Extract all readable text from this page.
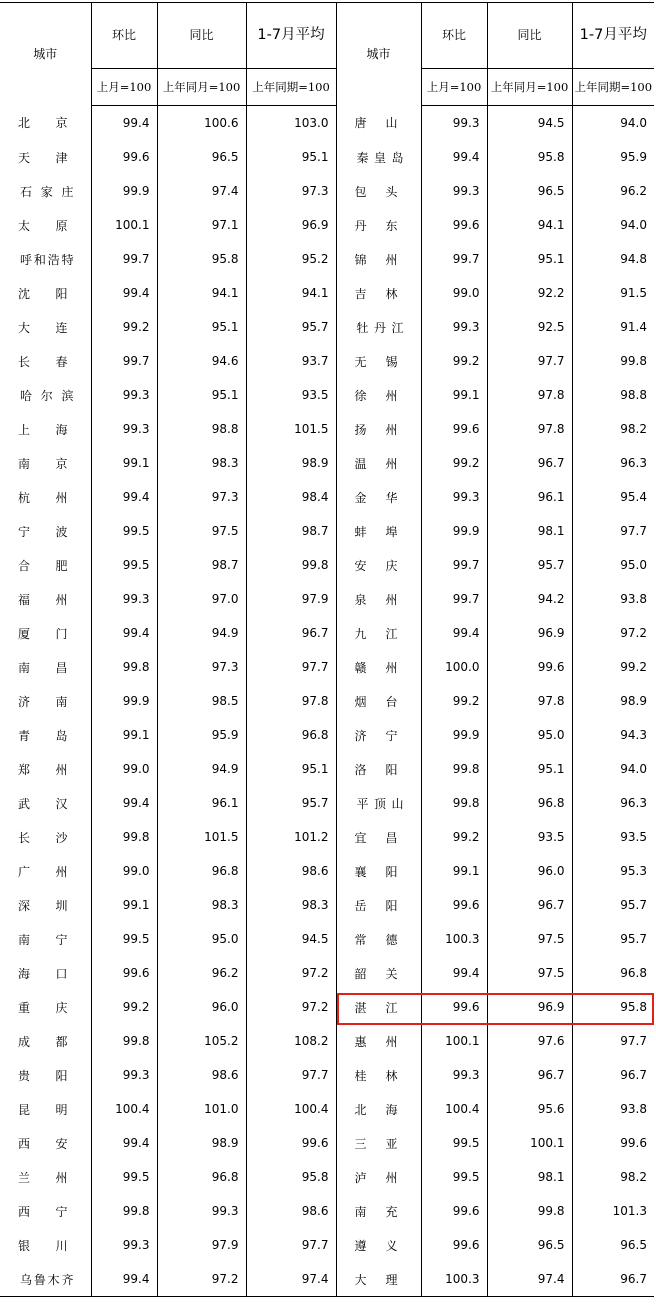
城市	环比	同比	1-7月平均	城市	环比	同比	1-7月平均
	上月=100	上年同月=100	上年同期=100		上月=100	上年同月=100	上年同期=100
北京	99.4	100.6	103.0	唐山	99.3	94.5	94.0
天津	99.6	96.5	95.1	秦皇岛	99.4	95.8	95.9
石家庄	99.9	97.4	97.3	包头	99.3	96.5	96.2
太原	100.1	97.1	96.9	丹东	99.6	94.1	94.0
呼和浩特	99.7	95.8	95.2	锦州	99.7	95.1	94.8
沈阳	99.4	94.1	94.1	吉林	99.0	92.2	91.5
大连	99.2	95.1	95.7	牡丹江	99.3	92.5	91.4
长春	99.7	94.6	93.7	无锡	99.2	97.7	99.8
哈尔滨	99.3	95.1	93.5	徐州	99.1	97.8	98.8
上海	99.3	98.8	101.5	扬州	99.6	97.8	98.2
南京	99.1	98.3	98.9	温州	99.2	96.7	96.3
杭州	99.4	97.3	98.4	金华	99.3	96.1	95.4
宁波	99.5	97.5	98.7	蚌埠	99.9	98.1	97.7
合肥	99.5	98.7	99.8	安庆	99.7	95.7	95.0
福州	99.3	97.0	97.9	泉州	99.7	94.2	93.8
厦门	99.4	94.9	96.7	九江	99.4	96.9	97.2
南昌	99.8	97.3	97.7	赣州	100.0	99.6	99.2
济南	99.9	98.5	97.8	烟台	99.2	97.8	98.9
青岛	99.1	95.9	96.8	济宁	99.9	95.0	94.3
郑州	99.0	94.9	95.1	洛阳	99.8	95.1	94.0
武汉	99.4	96.1	95.7	平顶山	99.8	96.8	96.3
长沙	99.8	101.5	101.2	宜昌	99.2	93.5	93.5
广州	99.0	96.8	98.6	襄阳	99.1	96.0	95.3
深圳	99.1	98.3	98.3	岳阳	99.6	96.7	95.7
南宁	99.5	95.0	94.5	常德	100.3	97.5	95.7
海口	99.6	96.2	97.2	韶关	99.4	97.5	96.8
重庆	99.2	96.0	97.2	湛江	99.6	96.9	95.8
成都	99.8	105.2	108.2	惠州	100.1	97.6	97.7
贵阳	99.3	98.6	97.7	桂林	99.3	96.7	96.7
昆明	100.4	101.0	100.4	北海	100.4	95.6	93.8
西安	99.4	98.9	99.6	三亚	99.5	100.1	99.6
兰州	99.5	96.8	95.8	泸州	99.5	98.1	98.2
西宁	99.8	99.3	98.6	南充	99.6	99.8	101.3
银川	99.3	97.9	97.7	遵义	99.6	96.5	96.5
乌鲁木齐	99.4	97.2	97.4	大理	100.3	97.4	96.7
